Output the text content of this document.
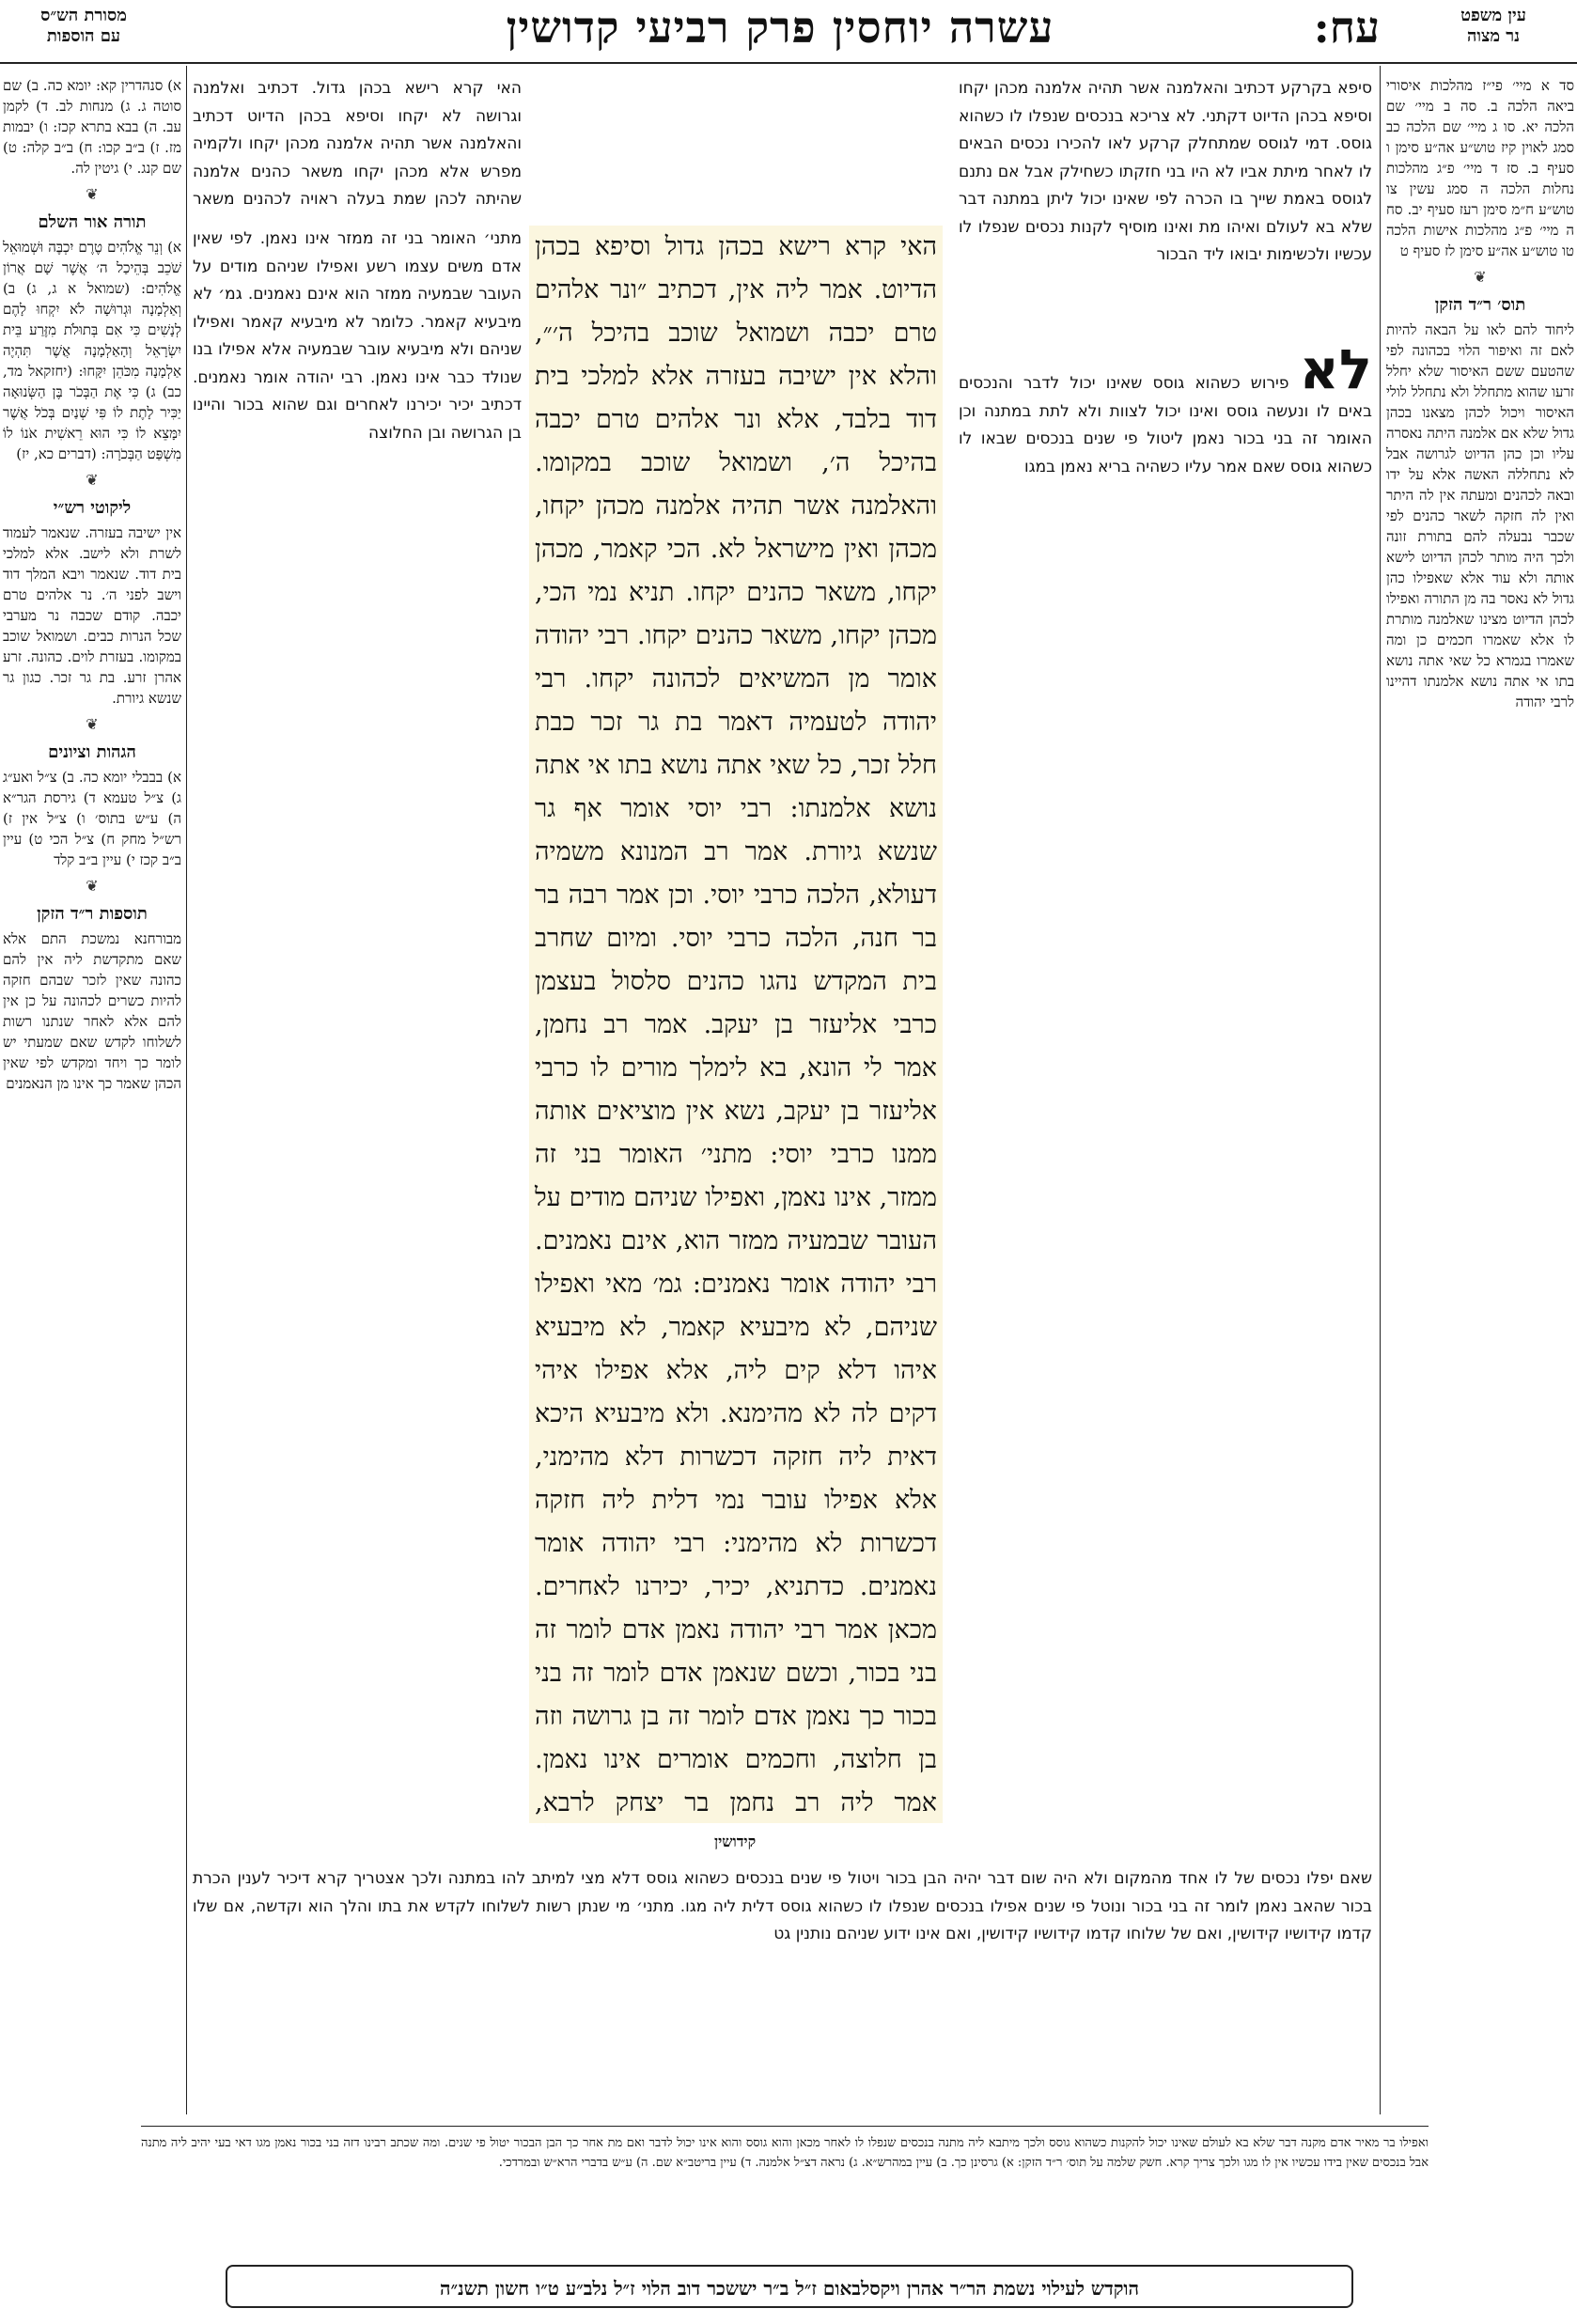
עח:
עשרה יוחסין פרק רביעי קדושין	עין משפט
נר מצוה
מסורת הש״ס
עם הוספות

סד א מיי׳ פי״ז מהלכות איסורי ביאה הלכה ב. סה ב מיי׳ שם הלכה יא. סו ג מיי׳ שם הלכה כב סמג לאוין קיז טוש״ע אה״ע סימן ו סעיף ב. סז ד מיי׳ פ״ג מהלכות נחלות הלכה ה סמג עשין צו טוש״ע ח״מ סימן רעז סעיף יב. סח ה מיי׳ פ״ג מהלכות אישות הלכה טו טוש״ע אה״ע סימן לז סעיף ט

❦
תוס׳ ר״ד הזקן

ליחוד להם לאו על הבאה להיות לאם זה ואיפור הלוי בכהונה לפי שהטעם ששם האיסור שלא יחלל זרעו שהוא מתחלל ולא נתחלל לולי האיסור ויכול לכהן מצאנו בכהן גדול שלא אם אלמנה היתה נאסרה עליו וכן כהן הדיוט לגרושה אבל לא נתחללה האשה אלא על ידו ובאה לכהנים ומעתה אין לה היתר ואין לה חזקה לשאר כהנים לפי שכבר נבעלה להם בתורת זונה ולכך היה מותר לכהן הדיוט לישא אותה ולא עוד אלא שאפילו כהן גדול לא נאסר בה מן התורה ואפילו לכהן הדיוט מצינו שאלמנה מותרת לו אלא שאמרו חכמים כן ומה שאמרו בגמרא כל שאי אתה נושא בתו אי אתה נושא אלמנתו דהיינו לרבי יהודה

סיפא בקרקע דכתיב והאלמנה אשר תהיה אלמנה מכהן יקחו וסיפא בכהן הדיוט דקתני. לא צריכא בנכסים שנפלו לו כשהוא גוסס. דמי לגוסס שמתחלק קרקע לאו להכירו נכסים הבאים לו לאחר מיתת אביו לא היו בני חזקתו כשחילק אבל אם נתנם לגוסס באמת שייך בו הכרה לפי שאינו יכול ליתן במתנה דבר שלא בא לעולם ואיהו מת ואינו מוסיף לקנות נכסים שנפלו לו עכשיו ולכשימות יבואו ליד הבכור

לא פירוש כשהוא גוסס שאינו יכול לדבר והנכסים באים לו ונעשה גוסס ואינו יכול לצוות ולא לתת במתנה וכן האומר זה בני בכור נאמן ליטול פי שנים בנכסים שבאו לו כשהוא גוסס שאם אמר עליו כשהיה בריא נאמן במגו

האי קרא רישא בכהן גדול וסיפא בכהן הדיוט. אמר ליה אין, דכתיב ״ונר אלהים טרם יכבה ושמואל שוכב בהיכל ה׳״, והלא אין ישיבה בעזרה אלא למלכי בית דוד בלבד, אלא ונר אלהים טרם יכבה בהיכל ה׳, ושמואל שוכב במקומו. והאלמנה אשר תהיה אלמנה מכהן יקחו, מכהן ואין מישראל לא. הכי קאמר, מכהן יקחו, משאר כהנים יקחו. תניא נמי הכי, מכהן יקחו, משאר כהנים יקחו. רבי יהודה אומר מן המשיאים לכהונה יקחו. רבי יהודה לטעמיה דאמר בת גר זכר כבת חלל זכר, כל שאי אתה נושא בתו אי אתה נושא אלמנתו: רבי יוסי אומר אף גר שנשא גיורת. אמר רב המנונא משמיה דעולא, הלכה כרבי יוסי. וכן אמר רבה בר בר חנה, הלכה כרבי יוסי. ומיום שחרב בית המקדש נהגו כהנים סלסול בעצמן כרבי אליעזר בן יעקב. אמר רב נחמן, אמר לי הונא, בא לימלך מורים לו כרבי אליעזר בן יעקב, נשא אין מוציאים אותה ממנו כרבי יוסי: מתני׳ האומר בני זה ממזר, אינו נאמן, ואפילו שניהם מודים על העובר שבמעיה ממזר הוא, אינם נאמנים. רבי יהודה אומר נאמנים: גמ׳ מאי ואפילו שניהם, לא מיבעיא קאמר, לא מיבעיא איהו דלא קים ליה, אלא אפילו איהי דקים לה לא מהימנא. ולא מיבעיא היכא דאית ליה חזקה דכשרות דלא מהימני, אלא אפילו עובר נמי דלית ליה חזקה דכשרות לא מהימני: רבי יהודה אומר נאמנים. כדתניא, יכיר, יכירנו לאחרים. מכאן אמר רבי יהודה נאמן אדם לומר זה בני בכור, וכשם שנאמן אדם לומר זה בני בכור כך נאמן אדם לומר זה בן גרושה וזה בן חלוצה, וחכמים אומרים אינו נאמן. אמר ליה רב נחמן בר יצחק לרבא,

האי קרא רישא בכהן גדול. דכתיב ואלמנה וגרושה לא יקחו וסיפא בכהן הדיוט דכתיב והאלמנה אשר תהיה אלמנה מכהן יקחו ולקמיה מפרש אלא מכהן יקחו משאר כהנים אלמנה שהיתה לכהן שמת בעלה ראויה לכהנים משאר

מתני׳ האומר בני זה ממזר אינו נאמן. לפי שאין אדם משים עצמו רשע ואפילו שניהם מודים על העובר שבמעיה ממזר הוא אינם נאמנים. גמ׳ לא מיבעיא קאמר. כלומר לא מיבעיא קאמר ואפילו שניהם ולא מיבעיא עובר שבמעיה אלא אפילו בנו שנולד כבר אינו נאמן. רבי יהודה אומר נאמנים. דכתיב יכיר יכירנו לאחרים וגם שהוא בכור והיינו בן הגרושה ובן החלוצה

א) סנהדרין קא: יומא כה. ב) שם סוטה ג. ג) מנחות לב. ד) לקמן עב. ה) בבא בתרא קכז: ו) יבמות מז. ז) ב״ב קכו: ח) ב״ב קלה: ט) שם קנג. י) גיטין לה.

❦
תורה אור השלם

א) וְנֵר אֱלֹהִים טֶרֶם יִכְבֶּה וּשְׁמוּאֵל שֹׁכֵב בְּהֵיכַל ה׳ אֲשֶׁר שָׁם אֲרוֹן אֱלֹהִים: (שמואל א ג, ג) ב) וְאַלְמָנָה וּגְרוּשָׁה לֹא יִקְחוּ לָהֶם לְנָשִׁים כִּי אִם בְּתוּלֹת מִזֶּרַע בֵּית יִשְׂרָאֵל וְהָאַלְמָנָה אֲשֶׁר תִּהְיֶה אַלְמָנָה מִכֹּהֵן יִקָּחוּ: (יחזקאל מד, כב) ג) כִּי אֶת הַבְּכֹר בֶּן הַשְּׂנוּאָה יַכִּיר לָתֶת לוֹ פִּי שְׁנַיִם בְּכֹל אֲשֶׁר יִמָּצֵא לוֹ כִּי הוּא רֵאשִׁית אֹנוֹ לוֹ מִשְׁפַּט הַבְּכֹרָה: (דברים כא, יז)

❦
ליקוטי רש״י

אין ישיבה בעזרה. שנאמר לעמוד לשרת ולא לישב. אלא למלכי בית דוד. שנאמר ויבא המלך דוד וישב לפני ה׳. נר אלהים טרם יכבה. קודם שכבה נר מערבי שכל הנרות כבים. ושמואל שוכב במקומו. בעזרת לוים. כהונה. זרע אהרן זרע. בת גר זכר. כגון גר שנשא גיורת.

❦
הגהות וציונים

א) בבבלי יומא כה. ב) צ״ל ואע״ג ג) צ״ל טעמא ד) גירסת הגר״א ה) ע״ש בתוס׳ ו) צ״ל אין ז) רש״ל מחק ח) צ״ל הכי ט) עיין ב״ב קכז י) עיין ב״ב קלד

❦
תוספות ר״ד הזקן

מבורחנא נמשכת התם אלא שאם מתקדשת ליה אין להם כהונה שאין לזכר שבהם חזקה להיות כשרים לכהונה על כן אין להם אלא לאחר שנתנו רשות לשלוחו לקדש שאם שמעתי יש לומר כך ויחד ומקדש לפי שאין הכהן שאמר כך אינו מן הנאמנים

קידושין

שאם יפלו נכסים של לו אחד מהמקום ולא היה שום דבר יהיה הבן בכור ויטול פי שנים בנכסים כשהוא גוסס דלא מצי למיתב להו במתנה ולכך אצטריך קרא דיכיר לענין הכרת בכור שהאב נאמן לומר זה בני בכור ונוטל פי שנים אפילו בנכסים שנפלו לו כשהוא גוסס דלית ליה מגו. מתני׳ מי שנתן רשות לשלוחו לקדש את בתו והלך הוא וקדשה, אם שלו קדמו קידושיו קידושין, ואם של שלוחו קדמו קידושיו קידושין, ואם אינו ידוע שניהם נותנין גט

ואפילו בר מאיר אדם מקנה דבר שלא בא לעולם שאינו יכול להקנות כשהוא גוסס ולכך מיתבא ליה מתנה בנכסים שנפלו לו לאחר מכאן והוא גוסס והוא אינו יכול לדבר ואם מת אחר כך הבן הבכור יטול פי שנים. ומה שכתב רבינו דזה בני בכור נאמן מגו דאי בעי יהיב ליה מתנה אבל בנכסים שאין בידו עכשיו אין לו מגו ולכך צריך קרא. חשק שלמה על תוס׳ ר״ד הזקן: א) גרסינן כך. ב) עיין במהרש״א. ג) נראה דצ״ל אלמנה. ד) עיין בריטב״א שם. ה) ע״ש בדברי הרא״ש ובמרדכי.
הוקדש לעילוי נשמת הר״ר אהרן ויקסלבאום ז״ל ב״ר יששכר דוב הלוי ז״ל נלב״ע ט״ו חשון תשנ״ה
